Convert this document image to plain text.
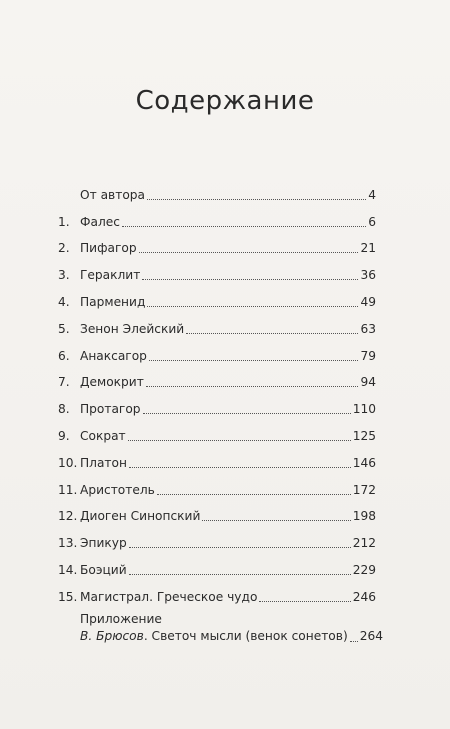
Содержание
От автора	4
1. Фалес	6
2. Пифагор	21
3. Гераклит	36
4. Парменид	49
5. Зенон Элейский	63
6. Анаксагор	79
7. Демокрит	94
8. Протагор	110
9. Сократ	125
10. Платон	146
11. Аристотель	172
12. Диоген Синопский	198
13. Эпикур	212
14. Боэций	229
15. Магистрал. Греческое чудо	246
Приложение
В. Брюсов. Светоч мысли (венок сонетов) 264
